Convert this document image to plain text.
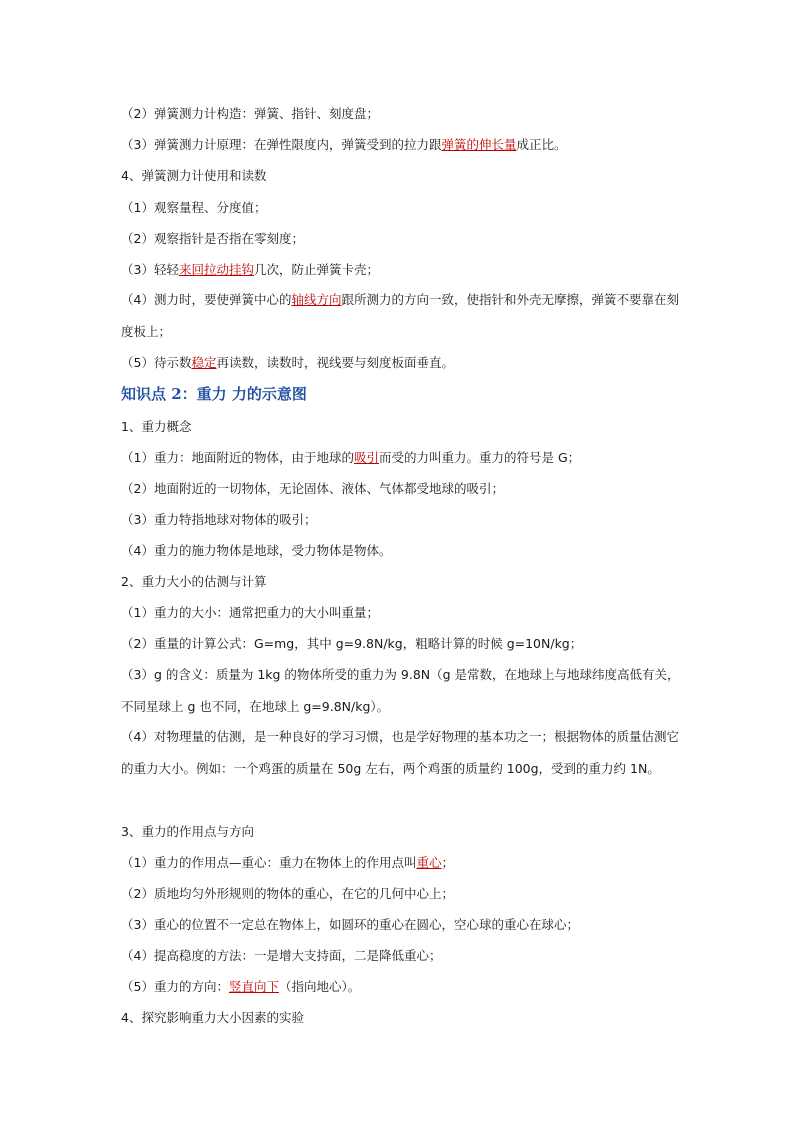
（2）弹簧测力计构造：弹簧、指针、刻度盘；
（3）弹簧测力计原理：在弹性限度内，弹簧受到的拉力跟弹簧的伸长量成正比。
4、弹簧测力计使用和读数
（1）观察量程、分度值；
（2）观察指针是否指在零刻度；
（3）轻轻来回拉动挂钩几次，防止弹簧卡壳；
（4）测力时，要使弹簧中心的轴线方向跟所测力的方向一致，使指针和外壳无摩擦，弹簧不要靠在刻度板上；
（5）待示数稳定再读数，读数时，视线要与刻度板面垂直。
知识点 2：重力 力的示意图
1、重力概念
（1）重力：地面附近的物体，由于地球的吸引而受的力叫重力。重力的符号是 G；
（2）地面附近的一切物体，无论固体、液体、气体都受地球的吸引；
（3）重力特指地球对物体的吸引；
（4）重力的施力物体是地球，受力物体是物体。
2、重力大小的估测与计算
（1）重力的大小：通常把重力的大小叫重量；
（2）重量的计算公式：G=mg，其中 g=9.8N/kg，粗略计算的时候 g=10N/kg；
（3）g 的含义：质量为 1kg 的物体所受的重力为 9.8N（g 是常数，在地球上与地球纬度高低有关，不同星球上 g 也不同，在地球上 g=9.8N/kg）。
（4）对物理量的估测，是一种良好的学习习惯，也是学好物理的基本功之一；根据物体的质量估测它的重力大小。例如：一个鸡蛋的质量在 50g 左右，两个鸡蛋的质量约 100g，受到的重力约 1N。
3、重力的作用点与方向
（1）重力的作用点—重心：重力在物体上的作用点叫重心；
（2）质地均匀外形规则的物体的重心，在它的几何中心上；
（3）重心的位置不一定总在物体上，如圆环的重心在圆心，空心球的重心在球心；
（4）提高稳度的方法：一是增大支持面，二是降低重心；
（5）重力的方向：竖直向下（指向地心）。
4、探究影响重力大小因素的实验
